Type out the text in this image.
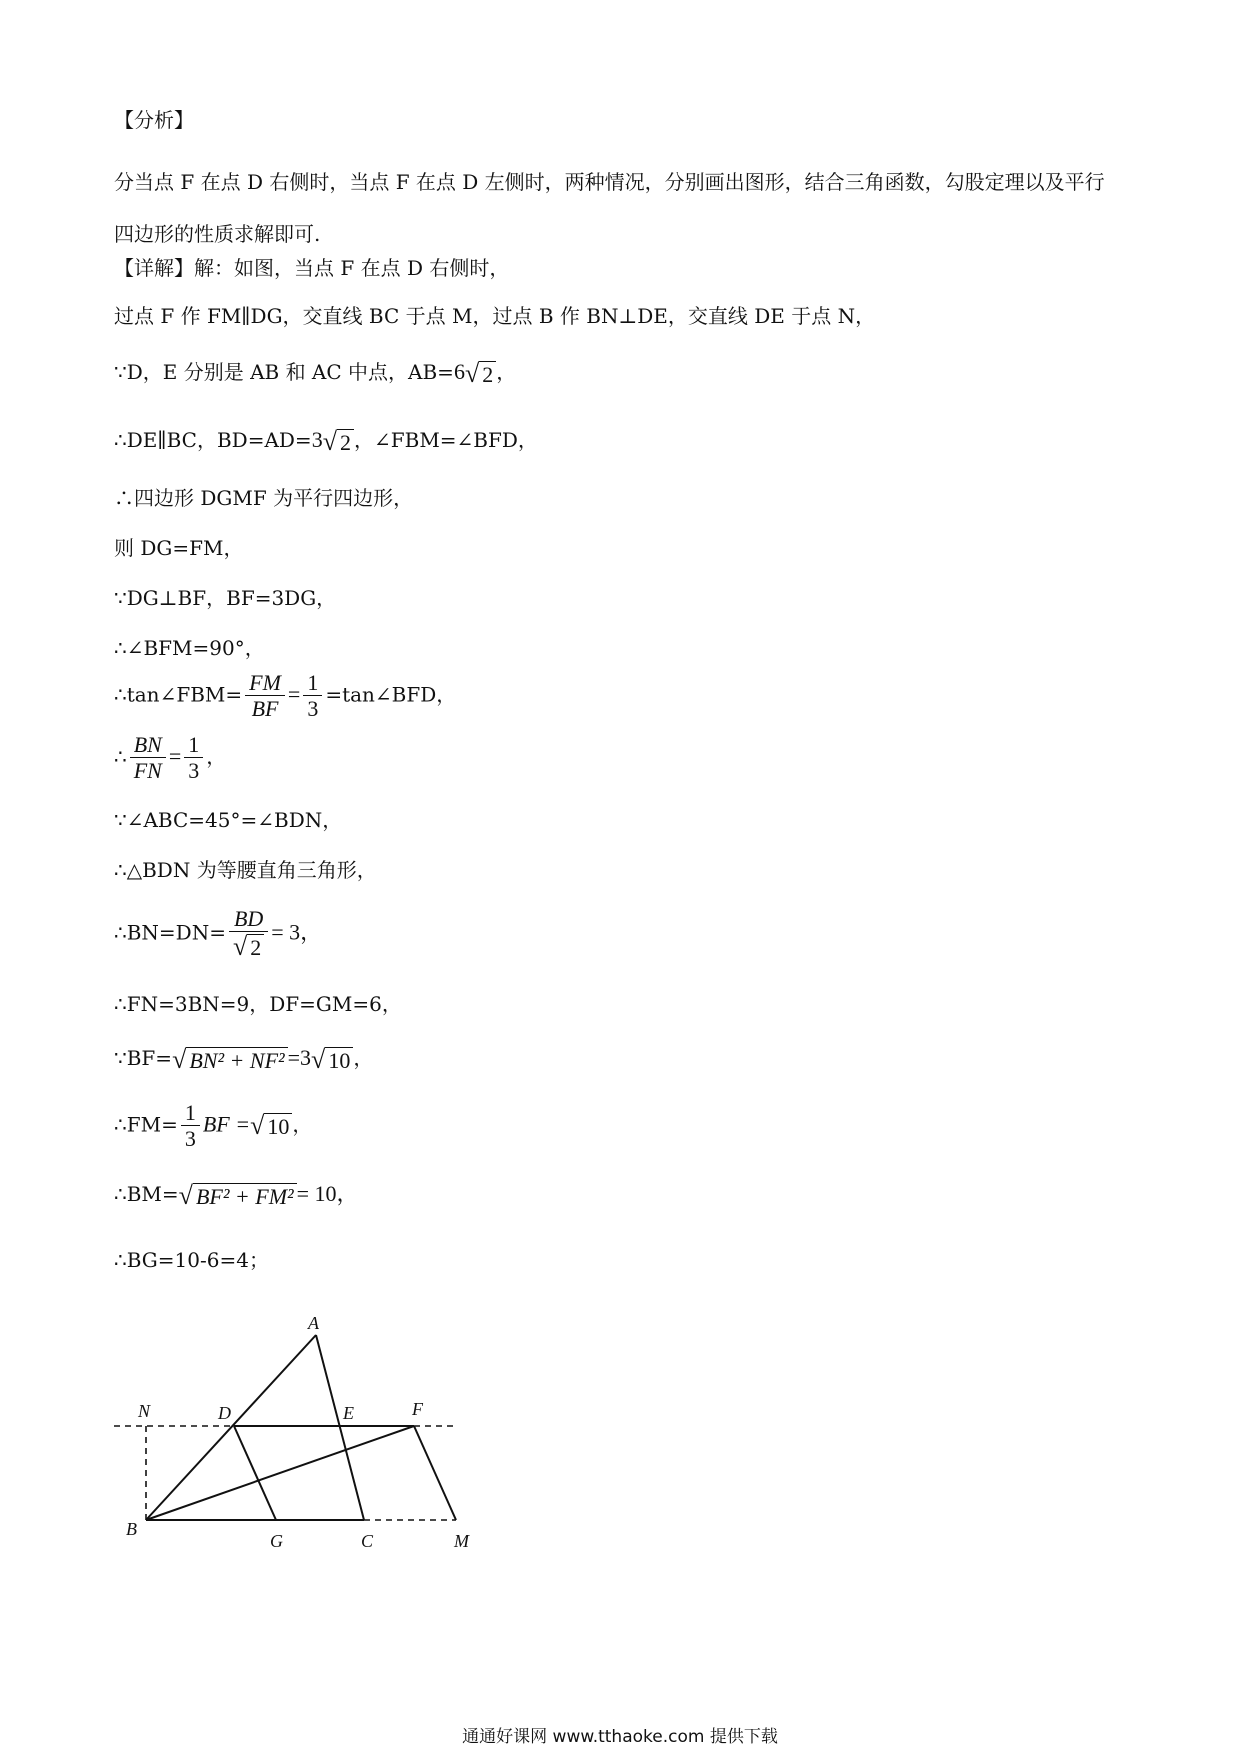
【分析】
分当点 F 在点 D 右侧时，当点 F 在点 D 左侧时，两种情况，分别画出图形，结合三角函数，勾股定理以及平行四边形的性质求解即可.
【详解】解：如图，当点 F 在点 D 右侧时，
过点 F 作 FM∥DG，交直线 BC 于点 M，过点 B 作 BN⊥DE，交直线 DE 于点 N，
∵D，E 分别是 AB 和 AC 中点，AB=6√ 2 ，
∴DE∥BC，BD=AD=3√ 2 ，∠FBM=∠BFD，
∴四边形 DGMF 为平行四边形，
则 DG=FM，
∵DG⊥BF，BF=3DG，
∴∠BFM=90°，
∴tan∠FBM= $\frac{FM}{BF} = \frac{1}{3}$ =tan∠BFD，
∴ $\frac{BN}{FN} = \frac{1}{3}$ ，
∵∠ABC=45°=∠BDN，
∴△BDN 为等腰直角三角形，
∴BN=DN= $\frac{BD}{√ 2} = 3$，
∴FN=3BN=9，DF=GM=6，
∵BF=√ BN² + NF² =3√ 10 ，
∴FM= $\frac{1}{3}$ BF =√ 10 ，
∴BM=√ BF² + FM² = 10，
∴BG=10-6=4；
A
N	D	E	F
B
G	C	M
通通好课网 www.tthaoke.com 提供下载
